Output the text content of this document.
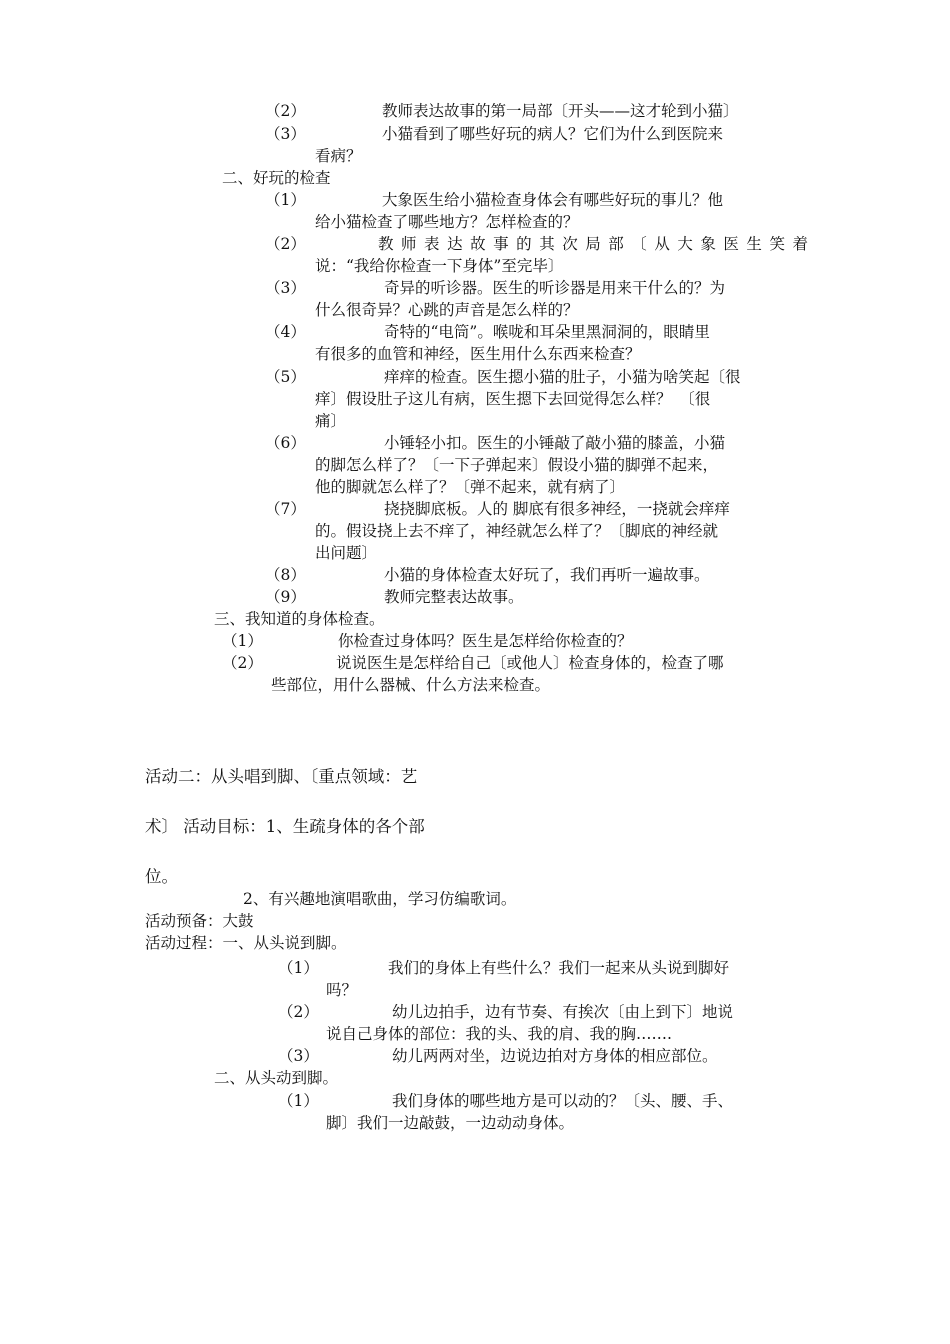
（2）	教师表达故事的第一局部〔开头——这才轮到小猫〕
（3）	小猫看到了哪些好玩的病人？它们为什么到医院来
看病？
二、好玩的检查
（1）	大象医生给小猫检查身体会有哪些好玩的事儿？他
给小猫检查了哪些地方？怎样检查的？
（2）	教师表达故事的其次局部〔从大象医生笑着
说：“我给你检查一下身体”至完毕〕
（3）	奇异的听诊器。医生的听诊器是用来干什么的？为
什么很奇异？心跳的声音是怎么样的？
（4）	奇特的“电筒”。喉咙和耳朵里黑洞洞的，眼睛里
有很多的血管和神经，医生用什么东西来检查？
（5）	痒痒的检查。医生摁小猫的肚子，小猫为啥笑起〔很
痒〕假设肚子这儿有病，医生摁下去回觉得怎么样？　〔很
痛〕
（6）	小锤轻小扣。医生的小锤敲了敲小猫的膝盖，小猫
的脚怎么样了？〔一下子弹起来〕假设小猫的脚弹不起来，
他的脚就怎么样了？〔弹不起来，就有病了〕
（7）	挠挠脚底板。人的 脚底有很多神经，一挠就会痒痒
的。假设挠上去不痒了，神经就怎么样了？〔脚底的神经就
出问题〕
（8）	小猫的身体检查太好玩了，我们再听一遍故事。
（9）	教师完整表达故事。
三、我知道的身体检查。
（1）	你检查过身体吗？医生是怎样给你检查的？
（2）	说说医生是怎样给自己〔或他人〕检查身体的，检查了哪
些部位，用什么器械、什么方法来检查。
活动二：从头唱到脚、〔重点领域：艺
术〕 活动目标：1、生疏身体的各个部
位。
2、有兴趣地演唱歌曲，学习仿编歌词。
活动预备：大鼓
活动过程：一、从头说到脚。
（1）	我们的身体上有些什么？我们一起来从头说到脚好
吗？
（2）	幼儿边拍手，边有节奏、有挨次〔由上到下〕地说
说自己身体的部位：我的头、我的肩、我的胸…….
（3）	幼儿两两对坐，边说边拍对方身体的相应部位。
二、从头动到脚。
（1）	我们身体的哪些地方是可以动的？〔头、腰、手、
脚〕我们一边敲鼓，一边动动身体。
